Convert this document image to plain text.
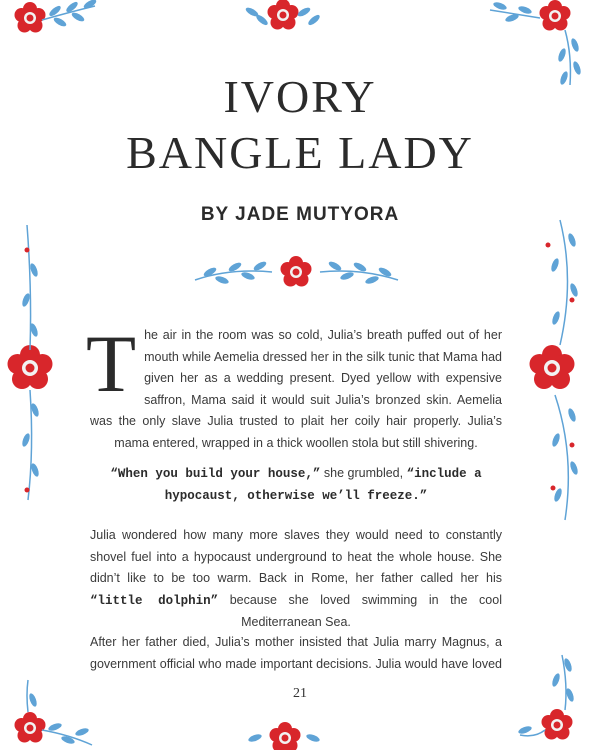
IVORY
BANGLE LADY
BY JADE MUTYORA
The air in the room was so cold, Julia’s breath puffed out of her mouth while Aemelia dressed her in the silk tunic that Mama had given her as a wedding present. Dyed yellow with expensive saffron, Mama said it would suit Julia’s bronzed skin. Aemelia was the only slave Julia trusted to plait her coily hair properly. Julia’s mama entered, wrapped in a thick woollen stola but still shivering.
“When you build your house,” she grumbled, “include a hypocaust, otherwise we’ll freeze.”
Julia wondered how many more slaves they would need to constantly shovel fuel into a hypocaust underground to heat the whole house. She didn’t like to be too warm. Back in Rome, her father called her his “little dolphin” because she loved swimming in the cool Mediterranean Sea.
After her father died, Julia’s mother insisted that Julia marry Magnus, a government official who made important decisions. Julia would have loved
21
